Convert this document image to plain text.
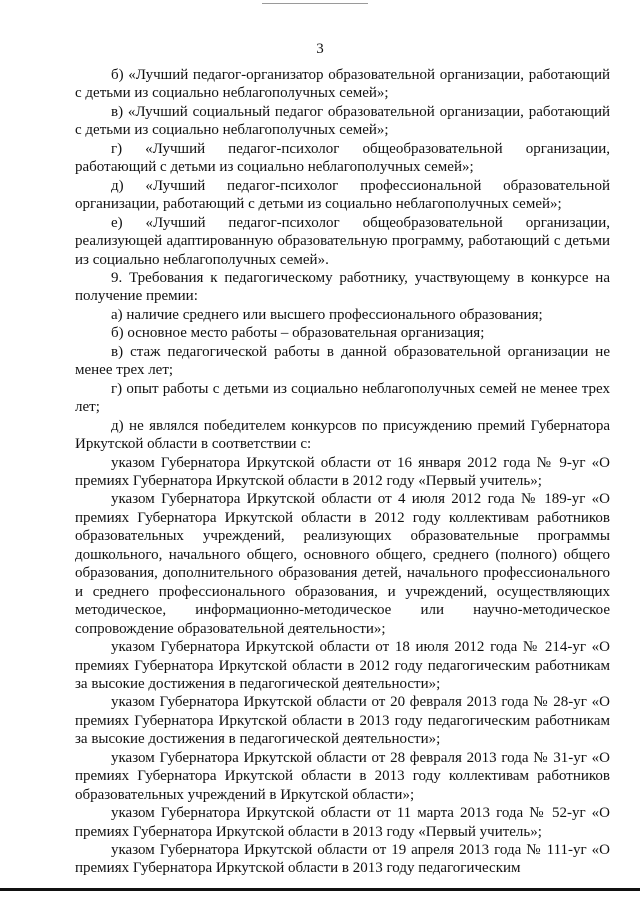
3

б) «Лучший педагог-организатор образовательной организации, работающий с детьми из социально неблагополучных семей»;

в) «Лучший социальный педагог образовательной организации, работающий с детьми из социально неблагополучных семей»;

г) «Лучший педагог-психолог общеобразовательной организации, работающий с детьми из социально неблагополучных семей»;

д) «Лучший педагог-психолог профессиональной образовательной организации, работающий с детьми из социально неблагополучных семей»;

е) «Лучший педагог-психолог общеобразовательной организации, реализующей адаптированную образовательную программу, работающий с детьми из социально неблагополучных семей».

9. Требования к педагогическому работнику, участвующему в конкурсе на получение премии:

а) наличие среднего или высшего профессионального образования;

б) основное место работы – образовательная организация;

в) стаж педагогической работы в данной образовательной организации не менее трех лет;

г) опыт работы с детьми из социально неблагополучных семей не менее трех лет;

д) не являлся победителем конкурсов по присуждению премий Губернатора Иркутской области в соответствии с:

указом Губернатора Иркутской области от 16 января 2012 года № 9-уг «О премиях Губернатора Иркутской области в 2012 году «Первый учитель»;

указом Губернатора Иркутской области от 4 июля 2012 года № 189-уг «О премиях Губернатора Иркутской области в 2012 году коллективам работников образовательных учреждений, реализующих образовательные программы дошкольного, начального общего, основного общего, среднего (полного) общего образования, дополнительного образования детей, начального профессионального и среднего профессионального образования, и учреждений, осуществляющих методическое, информационно-методическое или научно-методическое сопровождение образовательной деятельности»;

указом Губернатора Иркутской области от 18 июля 2012 года № 214-уг «О премиях Губернатора Иркутской области в 2012 году педагогическим работникам за высокие достижения в педагогической деятельности»;

указом Губернатора Иркутской области от 20 февраля 2013 года № 28-уг «О премиях Губернатора Иркутской области в 2013 году педагогическим работникам за высокие достижения в педагогической деятельности»;

указом Губернатора Иркутской области от 28 февраля 2013 года № 31-уг «О премиях Губернатора Иркутской области в 2013 году коллективам работников образовательных учреждений в Иркутской области»;

указом Губернатора Иркутской области от 11 марта 2013 года № 52-уг «О премиях Губернатора Иркутской области в 2013 году «Первый учитель»;

указом Губернатора Иркутской области от 19 апреля 2013 года № 111-уг «О премиях Губернатора Иркутской области в 2013 году педагогическим
